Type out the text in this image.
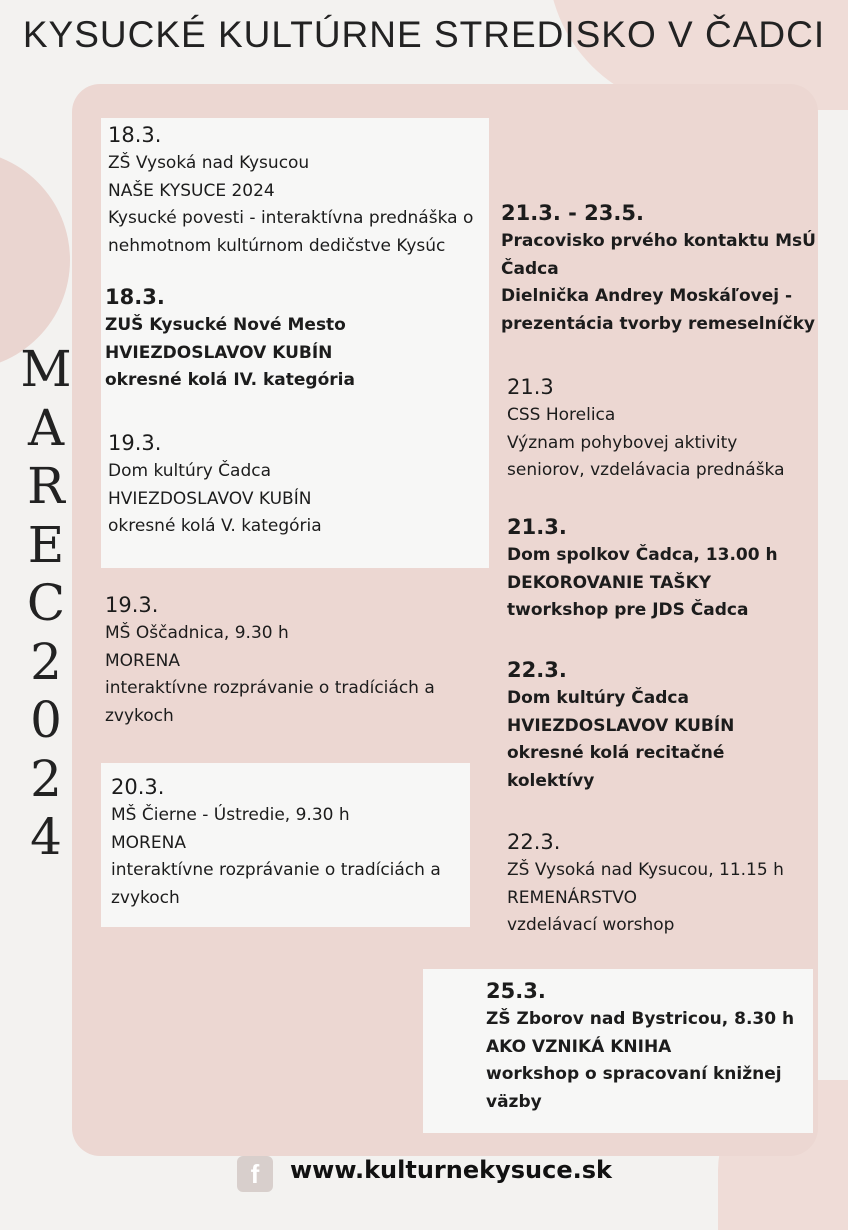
KYSUCKÉ KULTÚRNE STREDISKO V ČADCI
M
A
R
E
C
2
0
2
4
18.3.
ZŠ Vysoká nad Kysucou
NAŠE KYSUCE 2024
Kysucké povesti - interaktívna prednáška o
nehmotnom kultúrnom dedičstve Kysúc
18.3.
ZUŠ Kysucké Nové Mesto
HVIEZDOSLAVOV KUBÍN
okresné kolá IV. kategória
19.3.
Dom kultúry Čadca
HVIEZDOSLAVOV KUBÍN
okresné kolá V. kategória
19.3.
MŠ Oščadnica, 9.30 h
MORENA
interaktívne rozprávanie o tradíciách a
zvykoch
20.3.
MŠ Čierne - Ústredie, 9.30 h
MORENA
interaktívne rozprávanie o tradíciách a
zvykoch
21.3. - 23.5.
Pracovisko prvého kontaktu MsÚ
Čadca
Dielnička Andrey Moskáľovej -
prezentácia tvorby remeselníčky
21.3
CSS Horelica
Význam pohybovej aktivity
seniorov, vzdelávacia prednáška
21.3.
Dom spolkov Čadca, 13.00 h
DEKOROVANIE TAŠKY
tworkshop pre JDS Čadca
22.3.
Dom kultúry Čadca
HVIEZDOSLAVOV KUBÍN
okresné kolá recitačné
kolektívy
22.3.
ZŠ Vysoká nad Kysucou, 11.15 h
REMENÁRSTVO
vzdelávací worshop
25.3.
ZŠ Zborov nad Bystricou, 8.30 h
AKO VZNIKÁ KNIHA
workshop o spracovaní knižnej
väzby
f	www.kulturnekysuce.sk
